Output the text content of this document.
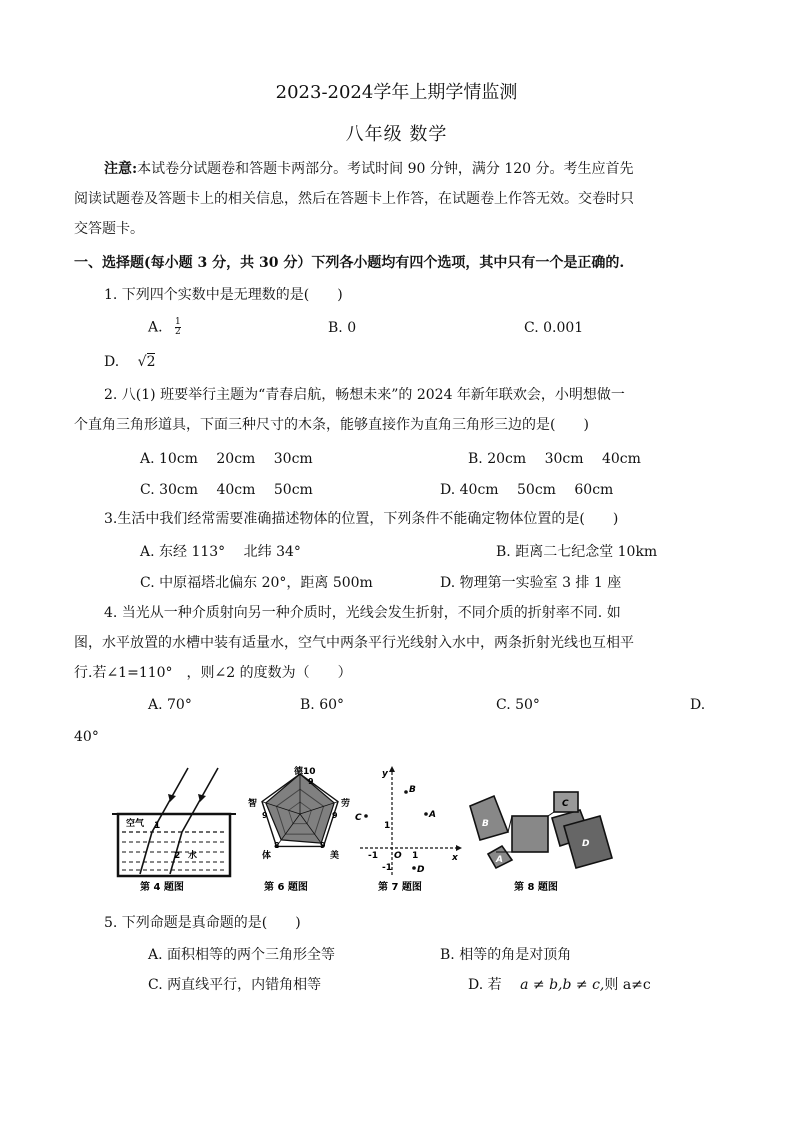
2023-2024学年上期学情监测
八年级 数学
注意:本试卷分试题卷和答题卡两部分。考试时间 90 分钟，满分 120 分。考生应首先
阅读试题卷及答题卡上的相关信息，然后在答题卡上作答，在试题卷上作答无效。交卷时只
交答题卡。
一、选择题(每小题 3 分，共 30 分）下列各小题均有四个选项，其中只有一个是正确的.
1. 下列四个实数中是无理数的是(　　)
A. $\frac{1}{2}$	B. 0	C. 0.001
D. √2
2. 八(1) 班要举行主题为“青春启航，畅想未来”的 2024 年新年联欢会，小明想做一
个直角三角形道具，下面三种尺寸的木条，能够直接作为直角三角形三边的是(　　)
A. 10cm　 20cm　 30cm	B. 20cm　 30cm　 40cm
C. 30cm　 40cm　 50cm	D. 40cm　 50cm　 60cm
3.生活中我们经常需要准确描述物体的位置，下列条件不能确定物体位置的是(　　)
A. 东经 113°　 北纬 34°	B. 距离二七纪念堂 10km
C. 中原福塔北偏东 20°，距离 500m	D. 物理第一实验室 3 排 1 座
4. 当光从一种介质射向另一种介质时，光线会发生折射，不同介质的折射率不同. 如
图，水平放置的水槽中装有适量水，空气中两条平行光线射入水中，两条折射光线也互相平
行.若∠1=110°　，则∠2 的度数为（　　）
A. 70°	B. 60°	C. 50°	D.
40°
空气 1
2 水
第 4 题图
德 10
智	劳
体	美
9	9
8	9
9
第 6 题图
y
x
O 1
1
-1
-1
B
A
C
D
第 7 题图
B
A
C
D
第 8 题图
5. 下列命题是真命题的是(　　)
A. 面积相等的两个三角形全等	B. 相等的角是对顶角
C. 两直线平行，内错角相等	D. 若 a ≠ b,b ≠ c,则 a≠c
